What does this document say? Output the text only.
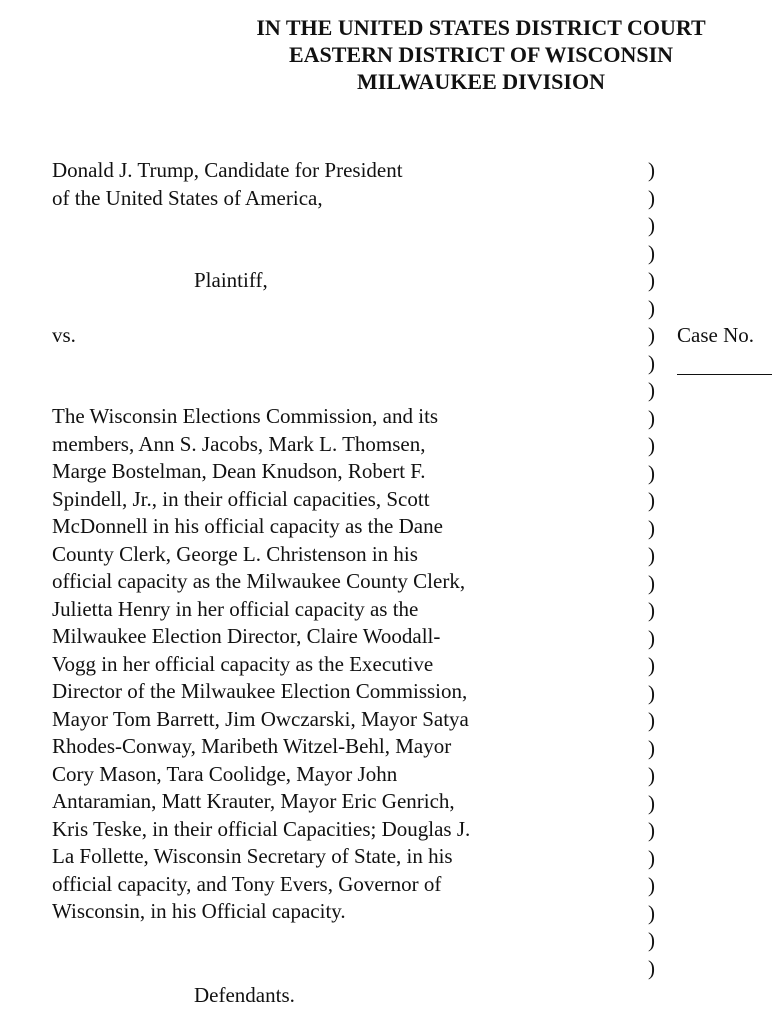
IN THE UNITED STATES DISTRICT COURT
EASTERN DISTRICT OF WISCONSIN
MILWAUKEE DIVISION
Donald J. Trump, Candidate for President
of the United States of America,
Plaintiff,
vs.
The Wisconsin Elections Commission, and its
members, Ann S. Jacobs, Mark L. Thomsen,
Marge Bostelman, Dean Knudson, Robert F.
Spindell, Jr., in their official capacities, Scott
McDonnell in his official capacity as the Dane
County Clerk, George L. Christenson in his
official capacity as the Milwaukee County Clerk,
Julietta Henry in her official capacity as the
Milwaukee Election Director, Claire Woodall-
Vogg in her official capacity as the Executive
Director of the Milwaukee Election Commission,
Mayor Tom Barrett, Jim Owczarski, Mayor Satya
Rhodes-Conway, Maribeth Witzel-Behl, Mayor
Cory Mason, Tara Coolidge, Mayor John
Antaramian, Matt Krauter, Mayor Eric Genrich,
Kris Teske, in their official Capacities; Douglas J.
La Follette, Wisconsin Secretary of State, in his
official capacity, and Tony Evers, Governor of
Wisconsin, in his Official capacity.
Defendants.
)
)
)
)
)
)
)
)
)
)
)
)
)
)
)
)
)
)
)
)
)
)
)
)
)
)
)
)
)
)
Case No.
